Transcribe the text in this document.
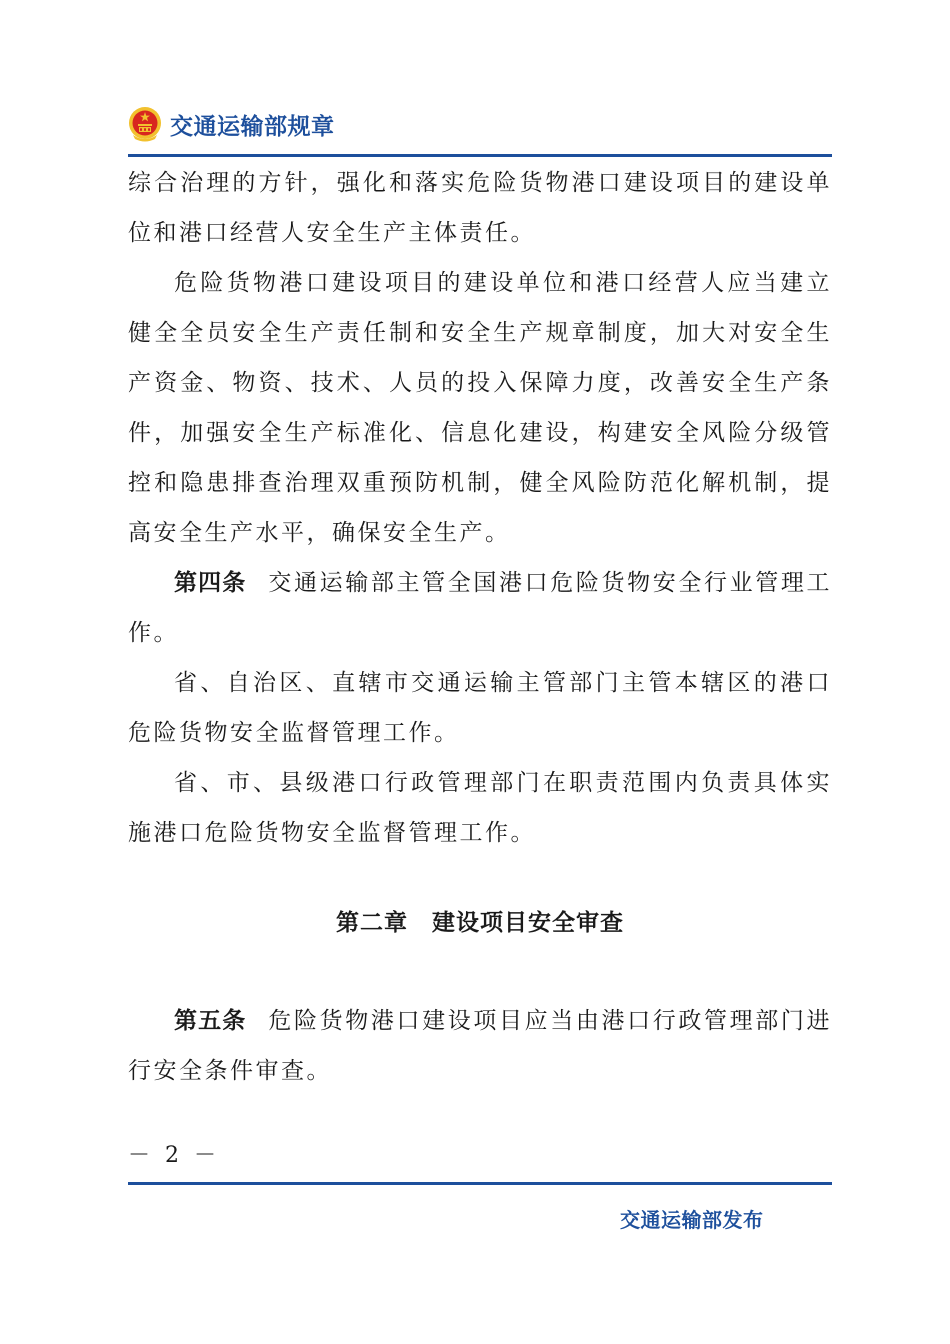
交通运输部规章

综合治理的方针，强化和落实危险货物港口建设项目的建设单位和港口经营人安全生产主体责任。

危险货物港口建设项目的建设单位和港口经营人应当建立健全全员安全生产责任制和安全生产规章制度，加大对安全生产资金、物资、技术、人员的投入保障力度，改善安全生产条件，加强安全生产标准化、信息化建设，构建安全风险分级管控和隐患排查治理双重预防机制，健全风险防范化解机制，提高安全生产水平，确保安全生产。

第四条 交通运输部主管全国港口危险货物安全行业管理工作。

省、自治区、直辖市交通运输主管部门主管本辖区的港口危险货物安全监督管理工作。

省、市、县级港口行政管理部门在职责范围内负责具体实施港口危险货物安全监督管理工作。

第二章 建设项目安全审查

第五条 危险货物港口建设项目应当由港口行政管理部门进行安全条件审查。

－ 2 －
交通运输部发布
